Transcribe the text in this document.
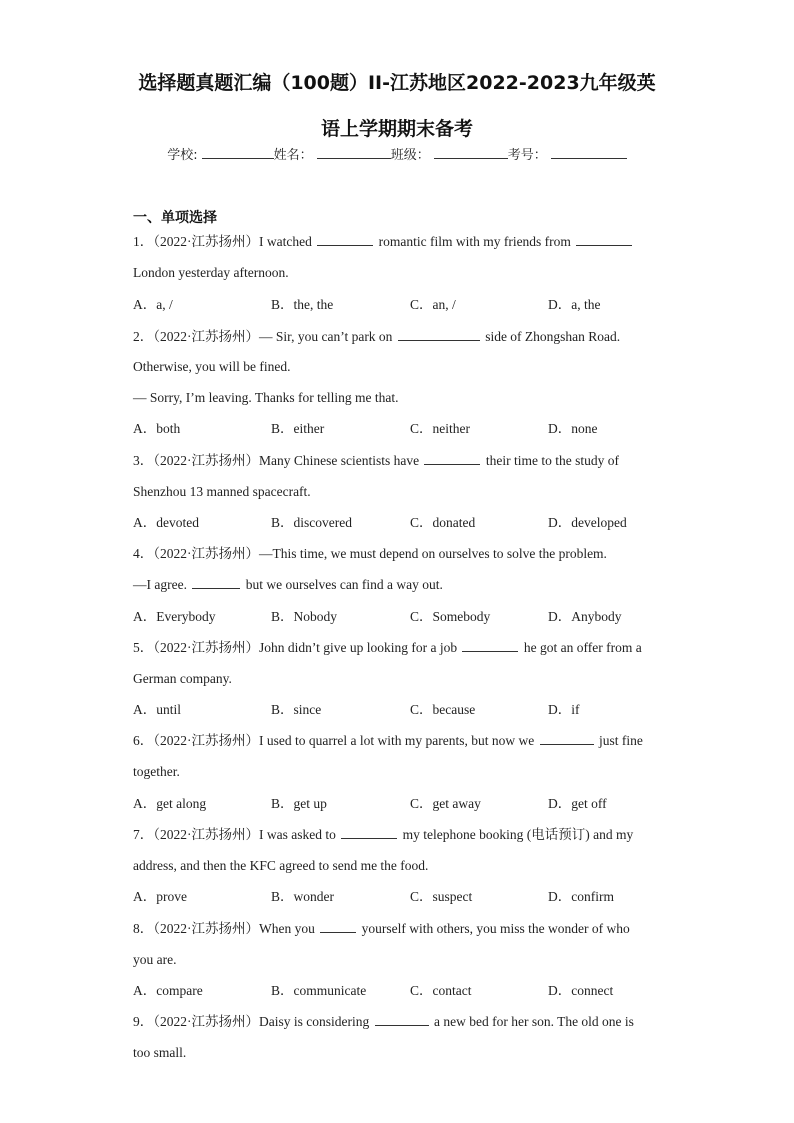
选择题真题汇编（100题）II-江苏地区2022-2023九年级英
语上学期期末备考
学校:	姓名：	班级：	考号：
一、单项选择
1．（2022·江苏扬州）I watched	romantic film with my friends from
London yesterday afternoon.
A．a, /	B．the, the	C．an, /	D．a, the
2．（2022·江苏扬州）— Sir, you can’t park on	side of Zhongshan Road.
Otherwise, you will be fined.
— Sorry, I’m leaving. Thanks for telling me that.
A．both	B．either	C．neither	D．none
3．（2022·江苏扬州）Many Chinese scientists have	their time to the study of
Shenzhou 13 manned spacecraft.
A．devoted	B．discovered	C．donated	D．developed
4．（2022·江苏扬州）—This time, we must depend on ourselves to solve the problem.
—I agree.	but we ourselves can find a way out.
A．Everybody	B．Nobody	C．Somebody	D．Anybody
5．（2022·江苏扬州）John didn’t give up looking for a job	he got an offer from a
German company.
A．until	B．since	C．because	D．if
6．（2022·江苏扬州）I used to quarrel a lot with my parents, but now we	just fine
together.
A．get along	B．get up	C．get away	D．get off
7．（2022·江苏扬州）I was asked to	my telephone booking (电话预订) and my
address, and then the KFC agreed to send me the food.
A．prove	B．wonder	C．suspect	D．confirm
8．（2022·江苏扬州）When you	yourself with others, you miss the wonder of who
you are.
A．compare	B．communicate	C．contact	D．connect
9．（2022·江苏扬州）Daisy is considering	a new bed for her son. The old one is
too small.
